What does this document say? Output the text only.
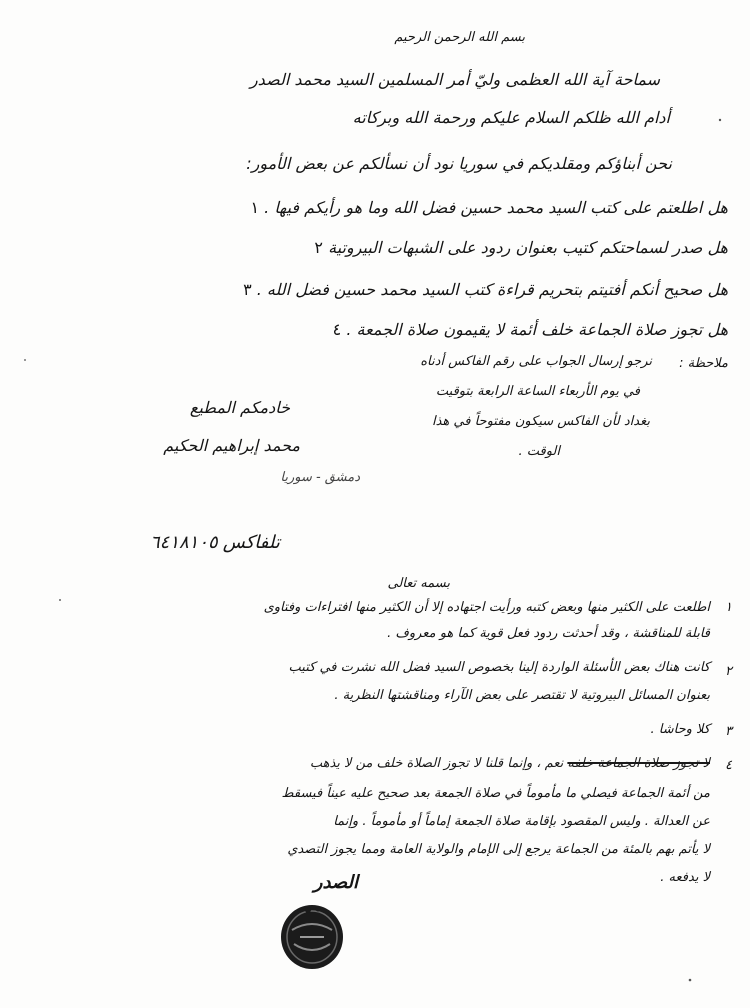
بسم الله الرحمن الرحيم
سماحة آية الله العظمى وليّ أمر المسلمين السيد محمد الصدر
أدام الله ظلكم السلام عليكم ورحمة الله وبركاته
نحن أبناؤكم ومقلديكم في سوريا نود أن نسألكم عن بعض الأمور:
هل اطلعتم على كتب السيد محمد حسين فضل الله وما هو رأيكم فيها . ١
هل صدر لسماحتكم كتيب بعنوان ردود على الشبهات البيروتية ٢
هل صحيح أنكم أفتيتم بتحريم قراءة كتب السيد محمد حسين فضل الله . ٣
هل تجوز صلاة الجماعة خلف أئمة لا يقيمون صلاة الجمعة . ٤
ملاحظة :
نرجو إرسال الجواب على رقم الفاكس أدناه
في يوم الأربعاء الساعة الرابعة بتوقيت
بغداد لأن الفاكس سيكون مفتوحاً في هذا
الوقت .
خادمكم المطيع
محمد إبراهيم الحكيم
دمشق - سوريا
تلفاكس ٦٤١٨١٠٥
بسمه تعالى
١
اطلعت على الكثير منها وبعض كتبه ورأيت اجتهاده إلا أن الكثير منها افتراءات وفتاوى
قابلة للمناقشة ، وقد أحدثت ردود فعل قوية كما هو معروف .
٢
كانت هناك بعض الأسئلة الواردة إلينا بخصوص السيد فضل الله نشرت في كتيب
بعنوان المسائل البيروتية لا تقتصر على بعض الآراء ومناقشتها النظرية .
٣
كلا وحاشا .
٤
لا تجوز صلاة الجماعة خلفه نعم ، وإنما قلنا لا تجوز الصلاة خلف من لا يذهب
من أئمة الجماعة فيصلي ما مأموماً في صلاة الجمعة بعد صحيح عليه عيناً فيسقط
عن العدالة . وليس المقصود بإقامة صلاة الجمعة إماماً أو مأموماً . وإنما
لا يأتم بهم بالمئة من الجماعة يرجع إلى الإمام والولاية العامة ومما يجوز التصدي
لا يدفعه .
الصدر
